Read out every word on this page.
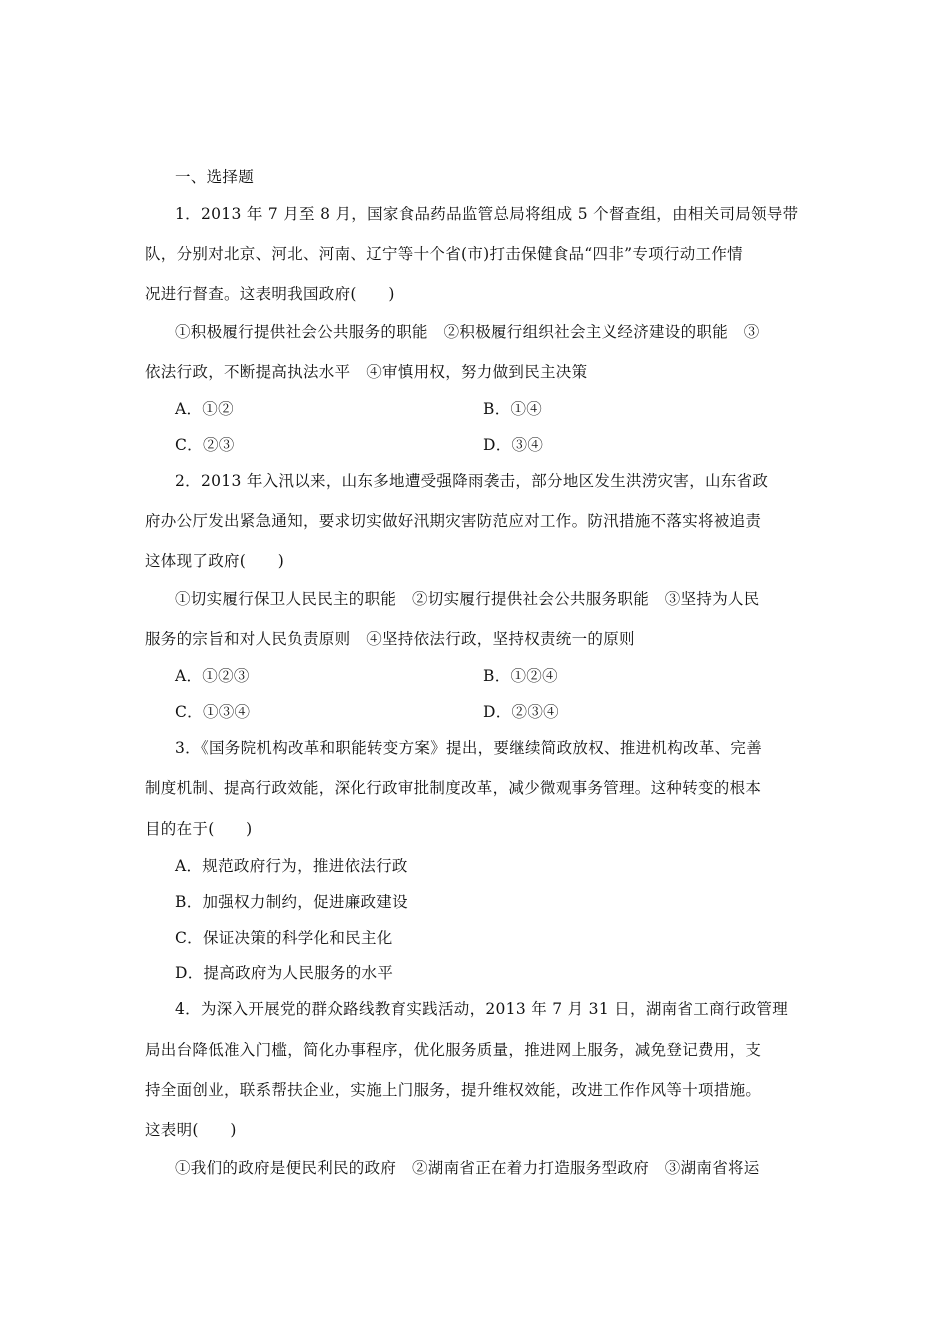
一、选择题

1．2013 年 7 月至 8 月，国家食品药品监管总局将组成 5 个督查组，由相关司局领导带

队，分别对北京、河北、河南、辽宁等十个省(市)打击保健食品“四非”专项行动工作情

况进行督查。这表明我国政府(　　)

①积极履行提供社会公共服务的职能　②积极履行组织社会主义经济建设的职能　③

依法行政，不断提高执法水平　④审慎用权，努力做到民主决策

A．①②	B．①④

C．②③	D．③④

2．2013 年入汛以来，山东多地遭受强降雨袭击，部分地区发生洪涝灾害，山东省政

府办公厅发出紧急通知，要求切实做好汛期灾害防范应对工作。防汛措施不落实将被追责

这体现了政府(　　)

①切实履行保卫人民民主的职能　②切实履行提供社会公共服务职能　③坚持为人民

服务的宗旨和对人民负责原则　④坚持依法行政，坚持权责统一的原则

A．①②③	B．①②④

C．①③④	D．②③④

3．《国务院机构改革和职能转变方案》提出，要继续简政放权、推进机构改革、完善

制度机制、提高行政效能，深化行政审批制度改革，减少微观事务管理。这种转变的根本

目的在于(　　)

A．规范政府行为，推进依法行政

B．加强权力制约，促进廉政建设

C．保证决策的科学化和民主化

D．提高政府为人民服务的水平

4．为深入开展党的群众路线教育实践活动，2013 年 7 月 31 日，湖南省工商行政管理

局出台降低准入门槛，简化办事程序，优化服务质量，推进网上服务，减免登记费用，支

持全面创业，联系帮扶企业，实施上门服务，提升维权效能，改进工作作风等十项措施。

这表明(　　)

①我们的政府是便民利民的政府　②湖南省正在着力打造服务型政府　③湖南省将运
